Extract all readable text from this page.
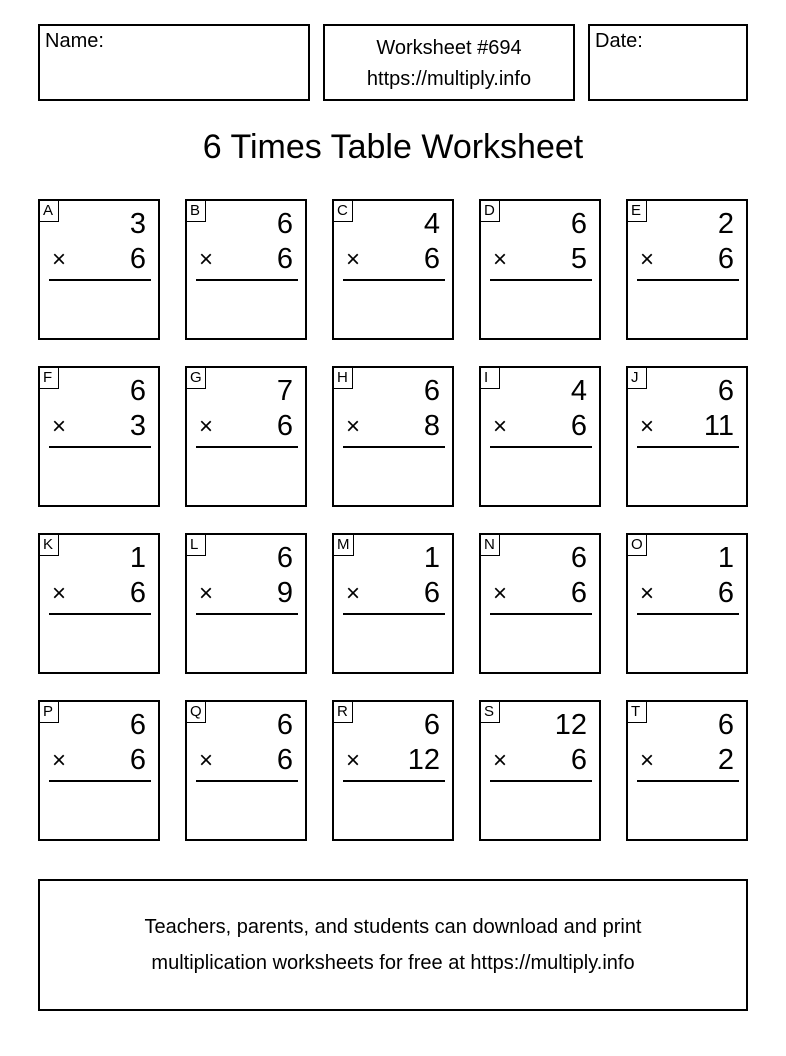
Name:	Worksheet #694
https://multiply.info
Date:
6 Times Table Worksheet
A	3
× 6
B	6
× 6
C	4
× 6
D	6
× 5
E	2
× 6
F	6
× 3
G	7
× 6
H	6
× 8
I	4
× 6
J	6
× 11
K	1
× 6
L	6
× 9
M	1
× 6
N	6
× 6
O	1
× 6
P	6
× 6
Q	6
× 6
R	6
× 12
S 12
× 6
T	6
× 2
Teachers, parents, and students can download and print
multiplication worksheets for free at https://multiply.info
